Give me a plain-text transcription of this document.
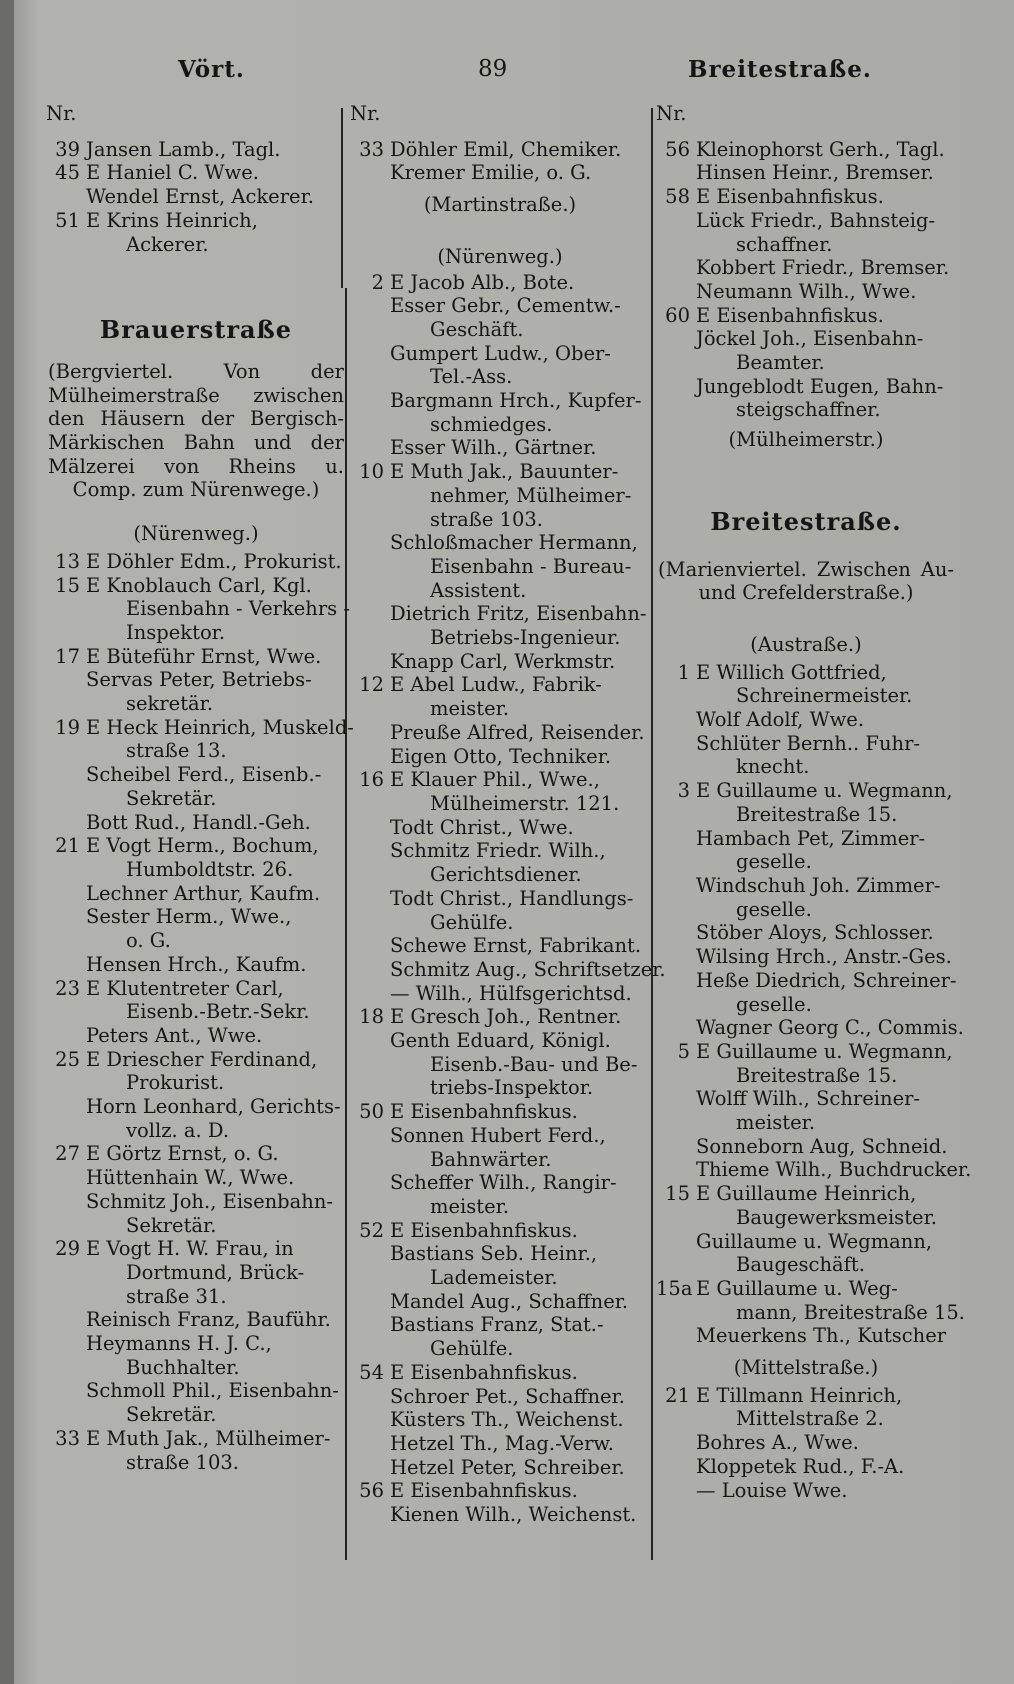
Vört.	89	Breitestraße.
Nr.
39 Jansen Lamb., Tagl.
45 E Haniel C. Wwe.
Wendel Ernst, Ackerer.
51 E Krins Heinrich,
Ackerer.
Brauerstraße
(Bergviertel. Von der Mülheimerstraße zwischen den Häusern der Bergisch-Märkischen Bahn und der Mälzerei von Rheins u. Comp. zum Nürenwege.)
(Nürenweg.)
13 E Döhler Edm., Prokurist.
15 E Knoblauch Carl, Kgl.
Eisenbahn - Verkehrs -
Inspektor.
17 E Büteführ Ernst, Wwe.
Servas Peter, Betriebs-
sekretär.
19 E Heck Heinrich, Muskeld-
straße 13.
Scheibel Ferd., Eisenb.-
Sekretär.
Bott Rud., Handl.-Geh.
21 E Vogt Herm., Bochum,
Humboldtstr. 26.
Lechner Arthur, Kaufm.
Sester Herm., Wwe.,
o. G.
Hensen Hrch., Kaufm.
23 E Klutentreter Carl,
Eisenb.-Betr.-Sekr.
Peters Ant., Wwe.
25 E Driescher Ferdinand,
Prokurist.
Horn Leonhard, Gerichts-
vollz. a. D.
27 E Görtz Ernst, o. G.
Hüttenhain W., Wwe.
Schmitz Joh., Eisenbahn-
Sekretär.
29 E Vogt H. W. Frau, in
Dortmund, Brück-
straße 31.
Reinisch Franz, Bauführ.
Heymanns H. J. C.,
Buchhalter.
Schmoll Phil., Eisenbahn-
Sekretär.
33 E Muth Jak., Mülheimer-
straße 103.
Nr.
33 Döhler Emil, Chemiker.
Kremer Emilie, o. G.
(Martinstraße.)
(Nürenweg.)
2 E Jacob Alb., Bote.
Esser Gebr., Cementw.-
Geschäft.
Gumpert Ludw., Ober-
Tel.-Ass.
Bargmann Hrch., Kupfer-
schmiedges.
Esser Wilh., Gärtner.
10 E Muth Jak., Bauunter-
nehmer, Mülheimer-
straße 103.
Schloßmacher Hermann,
Eisenbahn - Bureau-
Assistent.
Dietrich Fritz, Eisenbahn-
Betriebs-Ingenieur.
Knapp Carl, Werkmstr.
12 E Abel Ludw., Fabrik-
meister.
Preuße Alfred, Reisender.
Eigen Otto, Techniker.
16 E Klauer Phil., Wwe.,
Mülheimerstr. 121.
Todt Christ., Wwe.
Schmitz Friedr. Wilh.,
Gerichtsdiener.
Todt Christ., Handlungs-
Gehülfe.
Schewe Ernst, Fabrikant.
Schmitz Aug., Schriftsetzer.
— Wilh., Hülfsgerichtsd.
18 E Gresch Joh., Rentner.
Genth Eduard, Königl.
Eisenb.-Bau- und Be-
triebs-Inspektor.
50 E Eisenbahnfiskus.
Sonnen Hubert Ferd.,
Bahnwärter.
Scheffer Wilh., Rangir-
meister.
52 E Eisenbahnfiskus.
Bastians Seb. Heinr.,
Lademeister.
Mandel Aug., Schaffner.
Bastians Franz, Stat.-
Gehülfe.
54 E Eisenbahnfiskus.
Schroer Pet., Schaffner.
Küsters Th., Weichenst.
Hetzel Th., Mag.-Verw.
Hetzel Peter, Schreiber.
56 E Eisenbahnfiskus.
Kienen Wilh., Weichenst.
Nr.
56 Kleinophorst Gerh., Tagl.
Hinsen Heinr., Bremser.
58 E Eisenbahnfiskus.
Lück Friedr., Bahnsteig-
schaffner.
Kobbert Friedr., Bremser.
Neumann Wilh., Wwe.
60 E Eisenbahnfiskus.
Jöckel Joh., Eisenbahn-
Beamter.
Jungeblodt Eugen, Bahn-
steigschaffner.
(Mülheimerstr.)
Breitestraße.
(Marienviertel. Zwischen Au- und Crefelderstraße.)
(Austraße.)
1 E Willich Gottfried,
Schreinermeister.
Wolf Adolf, Wwe.
Schlüter Bernh.. Fuhr-
knecht.
3 E Guillaume u. Wegmann,
Breitestraße 15.
Hambach Pet, Zimmer-
geselle.
Windschuh Joh. Zimmer-
geselle.
Stöber Aloys, Schlosser.
Wilsing Hrch., Anstr.-Ges.
Heße Diedrich, Schreiner-
geselle.
Wagner Georg C., Commis.
5 E Guillaume u. Wegmann,
Breitestraße 15.
Wolff Wilh., Schreiner-
meister.
Sonneborn Aug, Schneid.
Thieme Wilh., Buchdrucker.
15 E Guillaume Heinrich,
Baugewerksmeister.
Guillaume u. Wegmann,
Baugeschäft.
15a E Guillaume u. Weg-
mann, Breitestraße 15.
Meuerkens Th., Kutscher
(Mittelstraße.)
21 E Tillmann Heinrich,
Mittelstraße 2.
Bohres A., Wwe.
Kloppetek Rud., F.-A.
— Louise Wwe.
